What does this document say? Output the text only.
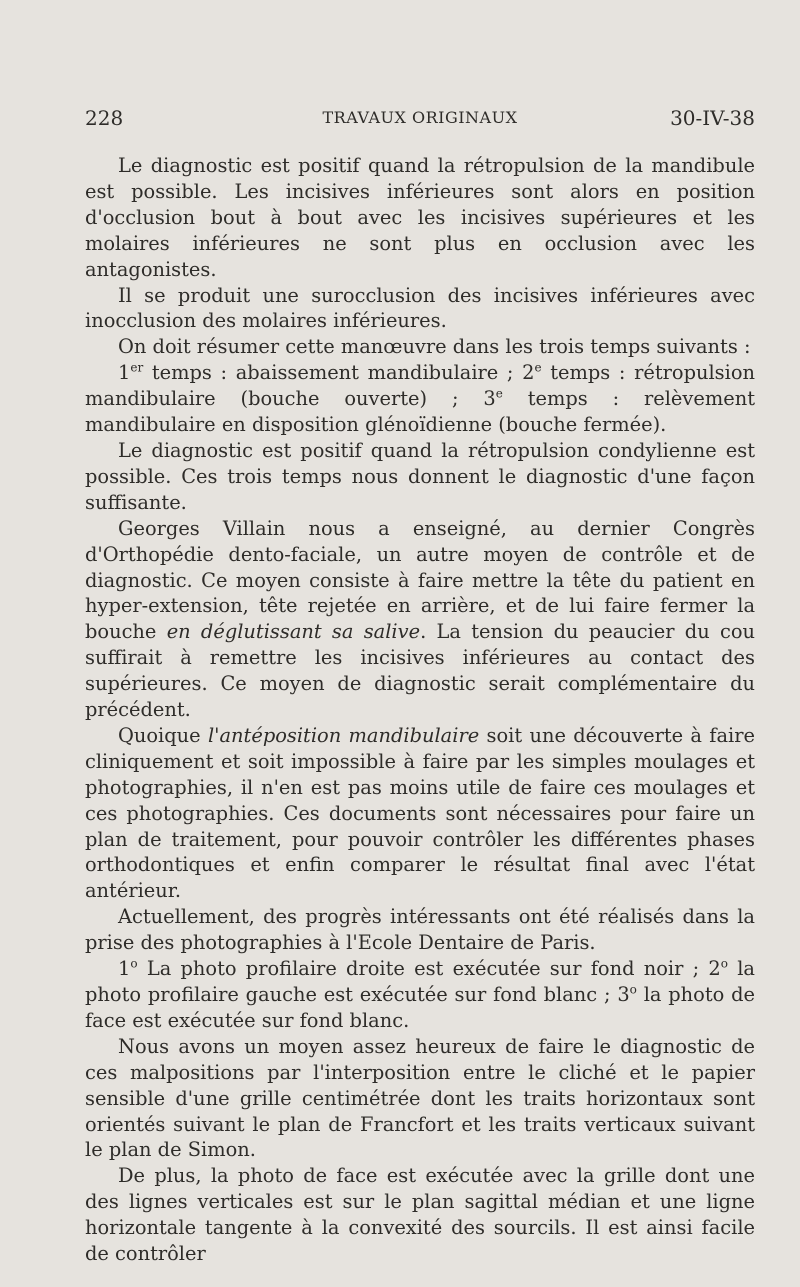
228	TRAVAUX ORIGINAUX	30-IV-38

Le diagnostic est positif quand la rétropulsion de la mandibule est possible. Les incisives inférieures sont alors en position d'occlusion bout à bout avec les incisives supérieures et les molaires inférieures ne sont plus en occlusion avec les antagonistes.

Il se produit une surocclusion des incisives inférieures avec inocclusion des molaires inférieures.

On doit résumer cette manœuvre dans les trois temps suivants :

1er temps : abaissement mandibulaire ; 2e temps : rétropulsion mandibulaire (bouche ouverte) ; 3e temps : relèvement mandibulaire en disposition glénoïdienne (bouche fermée).

Le diagnostic est positif quand la rétropulsion condylienne est possible. Ces trois temps nous donnent le diagnostic d'une façon suffisante.

Georges Villain nous a enseigné, au dernier Congrès d'Orthopédie dento-faciale, un autre moyen de contrôle et de diagnostic. Ce moyen consiste à faire mettre la tête du patient en hyper-extension, tête rejetée en arrière, et de lui faire fermer la bouche en déglutissant sa salive. La tension du peaucier du cou suffirait à remettre les incisives inférieures au contact des supérieures. Ce moyen de diagnostic serait complémentaire du précédent.

Quoique l'antéposition mandibulaire soit une découverte à faire cliniquement et soit impossible à faire par les simples moulages et photographies, il n'en est pas moins utile de faire ces moulages et ces photographies. Ces documents sont nécessaires pour faire un plan de traitement, pour pouvoir contrôler les différentes phases orthodontiques et enfin comparer le résultat final avec l'état antérieur.

Actuellement, des progrès intéressants ont été réalisés dans la prise des photographies à l'Ecole Dentaire de Paris.

1$^o$ La photo profilaire droite est exécutée sur fond noir ; 2$^o$ la photo profilaire gauche est exécutée sur fond blanc ; 3$^o$ la photo de face est exécutée sur fond blanc.

Nous avons un moyen assez heureux de faire le diagnostic de ces malpositions par l'interposition entre le cliché et le papier sensible d'une grille centimétrée dont les traits horizontaux sont orientés suivant le plan de Francfort et les traits verticaux suivant le plan de Simon.

De plus, la photo de face est exécutée avec la grille dont une des lignes verticales est sur le plan sagittal médian et une ligne horizontale tangente à la convexité des sourcils. Il est ainsi facile de contrôler
